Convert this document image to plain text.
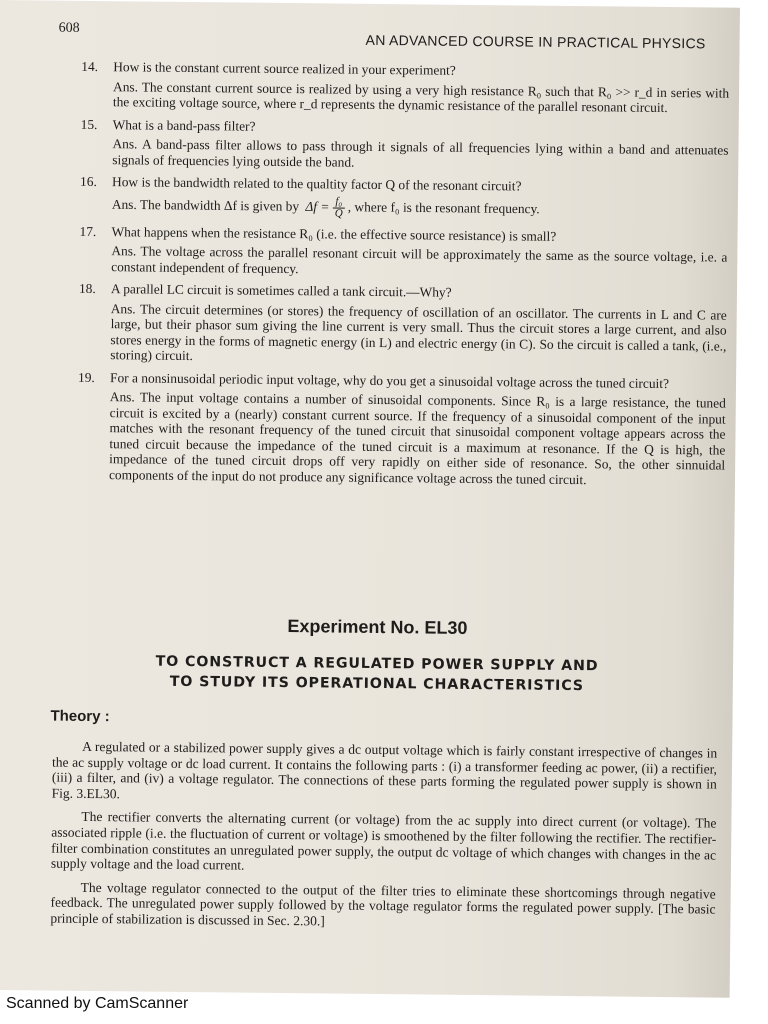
608
AN ADVANCED COURSE IN PRACTICAL PHYSICS
14. How is the constant current source realized in your experiment?

Ans. The constant current source is realized by using a very high resistance R₀ such that R₀ >> r_d in series with the exciting voltage source, where r_d represents the dynamic resistance of the parallel resonant circuit.

15. What is a band-pass filter?

Ans. A band-pass filter allows to pass through it signals of all frequencies lying within a band and attenuates signals of frequencies lying outside the band.

16. How is the bandwidth related to the qualtity factor Q of the resonant circuit?

Ans. The bandwidth Δf is given by $\Delta f = \frac{\text{f₀}}{Q}$ , where f₀ is the resonant frequency.

17. What happens when the resistance R₀ (i.e. the effective source resistance) is small?

Ans. The voltage across the parallel resonant circuit will be approximately the same as the source voltage, i.e. a constant independent of frequency.

18. A parallel LC circuit is sometimes called a tank circuit.—Why?

Ans. The circuit determines (or stores) the frequency of oscillation of an oscillator. The currents in L and C are large, but their phasor sum giving the line current is very small. Thus the circuit stores a large current, and also stores energy in the forms of magnetic energy (in L) and electric energy (in C). So the circuit is called a tank, (i.e., storing) circuit.

19. For a nonsinusoidal periodic input voltage, why do you get a sinusoidal voltage across the tuned circuit?

Ans. The input voltage contains a number of sinusoidal components. Since R₀ is a large resistance, the tuned circuit is excited by a (nearly) constant current source. If the frequency of a sinusoidal component of the input matches with the resonant frequency of the tuned circuit that sinusoidal component voltage appears across the tuned circuit because the impedance of the tuned circuit is a maximum at resonance. If the Q is high, the impedance of the tuned circuit drops off very rapidly on either side of resonance. So, the other sinnuidal components of the input do not produce any significance voltage across the tuned circuit.

Experiment No. EL30
TO CONSTRUCT A REGULATED POWER SUPPLY AND
TO STUDY ITS OPERATIONAL CHARACTERISTICS
Theory :

A regulated or a stabilized power supply gives a dc output voltage which is fairly constant irrespective of changes in the ac supply voltage or dc load current. It contains the following parts : (i) a transformer feeding ac power, (ii) a rectifier, (iii) a filter, and (iv) a voltage regulator. The connections of these parts forming the regulated power supply is shown in Fig. 3.EL30.

The rectifier converts the alternating current (or voltage) from the ac supply into direct current (or voltage). The associated ripple (i.e. the fluctuation of current or voltage) is smoothened by the filter following the rectifier. The rectifier-filter combination constitutes an unregulated power supply, the output dc voltage of which changes with changes in the ac supply voltage and the load current.

The voltage regulator connected to the output of the filter tries to eliminate these shortcomings through negative feedback. The unregulated power supply followed by the voltage regulator forms the regulated power supply. [The basic principle of stabilization is discussed in Sec. 2.30.]

Scanned by CamScanner
